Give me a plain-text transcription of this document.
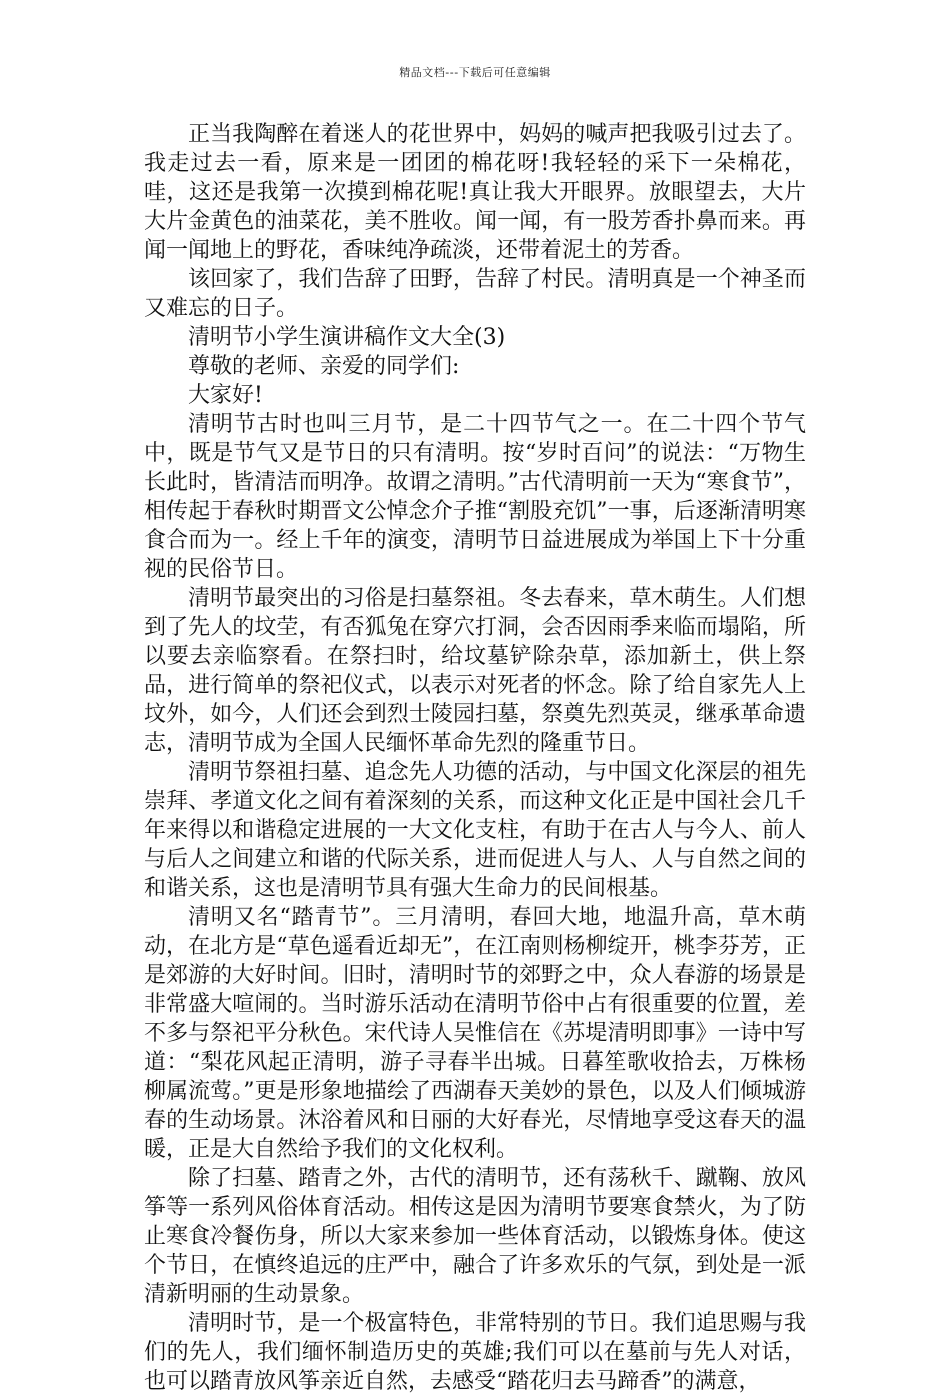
精品文档---下载后可任意编辑

正当我陶醉在着迷人的花世界中，妈妈的喊声把我吸引过去了。我走过去一看，原来是一团团的棉花呀!我轻轻的采下一朵棉花，哇，这还是我第一次摸到棉花呢!真让我大开眼界。放眼望去，大片大片金黄色的油菜花，美不胜收。闻一闻，有一股芳香扑鼻而来。再闻一闻地上的野花，香味纯净疏淡，还带着泥土的芳香。

该回家了，我们告辞了田野，告辞了村民。清明真是一个神圣而又难忘的日子。

清明节小学生演讲稿作文大全(3)

尊敬的老师、亲爱的同学们:

大家好!

清明节古时也叫三月节，是二十四节气之一。在二十四个节气中，既是节气又是节日的只有清明。按“岁时百问”的说法：“万物生长此时，皆清洁而明净。故谓之清明。”古代清明前一天为“寒食节”，相传起于春秋时期晋文公悼念介子推“割股充饥”一事，后逐渐清明寒食合而为一。经上千年的演变，清明节日益进展成为举国上下十分重视的民俗节日。

清明节最突出的习俗是扫墓祭祖。冬去春来，草木萌生。人们想到了先人的坟茔，有否狐兔在穿穴打洞，会否因雨季来临而塌陷，所以要去亲临察看。在祭扫时，给坟墓铲除杂草，添加新土，供上祭品，进行简单的祭祀仪式，以表示对死者的怀念。除了给自家先人上坟外，如今，人们还会到烈士陵园扫墓，祭奠先烈英灵，继承革命遗志，清明节成为全国人民缅怀革命先烈的隆重节日。

清明节祭祖扫墓、追念先人功德的活动，与中国文化深层的祖先崇拜、孝道文化之间有着深刻的关系，而这种文化正是中国社会几千年来得以和谐稳定进展的一大文化支柱，有助于在古人与今人、前人与后人之间建立和谐的代际关系，进而促进人与人、人与自然之间的和谐关系，这也是清明节具有强大生命力的民间根基。

清明又名“踏青节”。三月清明，春回大地，地温升高，草木萌动，在北方是“草色遥看近却无”，在江南则杨柳绽开，桃李芬芳，正是郊游的大好时间。旧时，清明时节的郊野之中，众人春游的场景是非常盛大喧闹的。当时游乐活动在清明节俗中占有很重要的位置，差不多与祭祀平分秋色。宋代诗人吴惟信在《苏堤清明即事》一诗中写道：“梨花风起正清明，游子寻春半出城。日暮笙歌收拾去，万株杨柳属流莺。”更是形象地描绘了西湖春天美妙的景色，以及人们倾城游春的生动场景。沐浴着风和日丽的大好春光，尽情地享受这春天的温暖，正是大自然给予我们的文化权利。

除了扫墓、踏青之外，古代的清明节，还有荡秋千、蹴鞠、放风筝等一系列风俗体育活动。相传这是因为清明节要寒食禁火，为了防止寒食冷餐伤身，所以大家来参加一些体育活动，以锻炼身体。使这个节日，在慎终追远的庄严中，融合了许多欢乐的气氛，到处是一派清新明丽的生动景象。

清明时节，是一个极富特色，非常特别的节日。我们追思赐与我们的先人，我们缅怀制造历史的英雄;我们可以在墓前与先人对话，也可以踏青放风筝亲近自然，去感受“踏花归去马蹄香”的满意，
